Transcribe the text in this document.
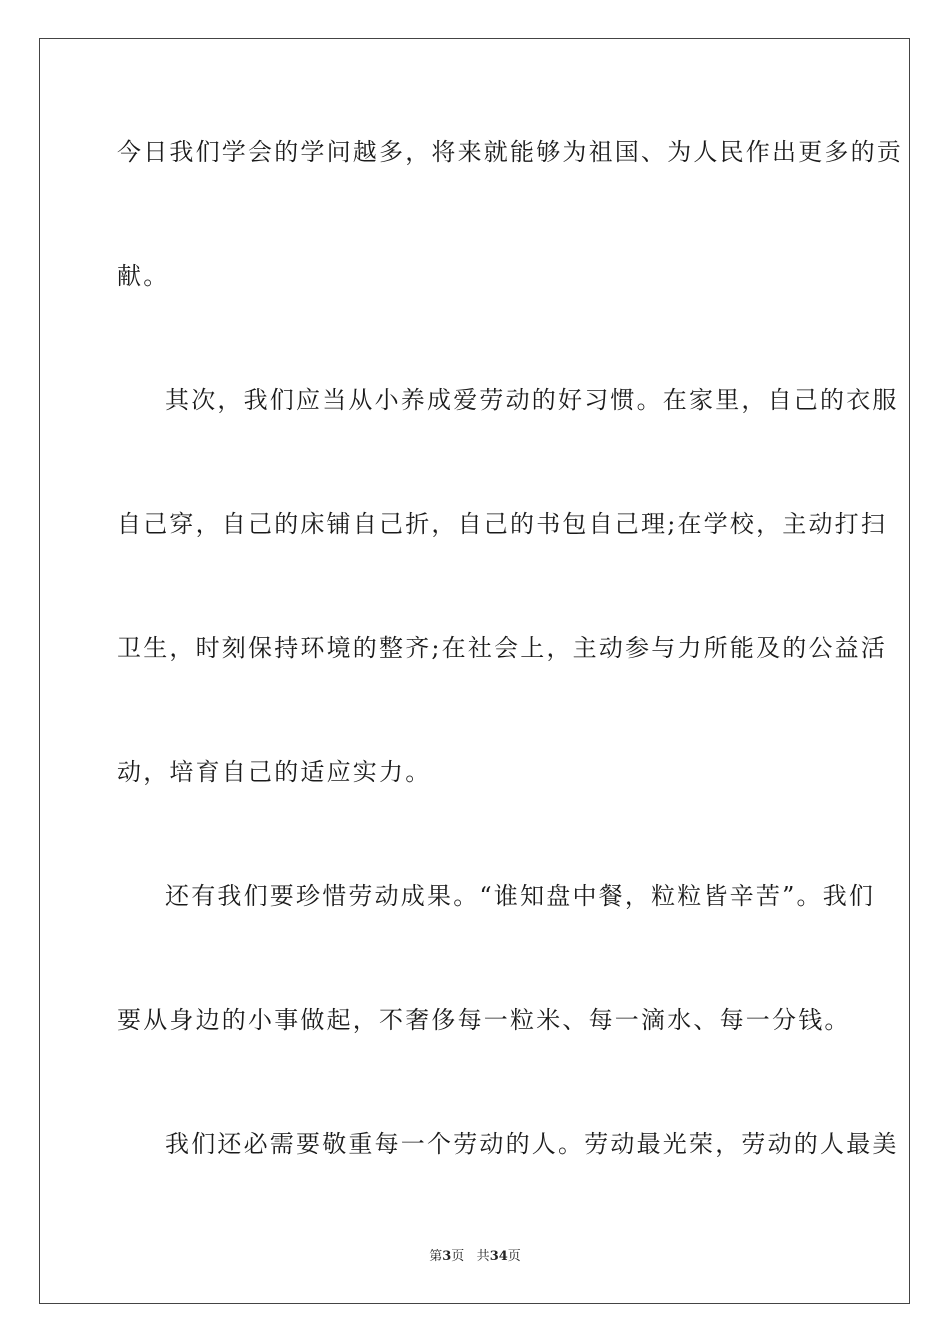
今日我们学会的学问越多，将来就能够为祖国、为人民作出更多的贡
献。
其次，我们应当从小养成爱劳动的好习惯。在家里，自己的衣服
自己穿，自己的床铺自己折，自己的书包自己理;在学校，主动打扫
卫生，时刻保持环境的整齐;在社会上，主动参与力所能及的公益活
动，培育自己的适应实力。
还有我们要珍惜劳动成果。“谁知盘中餐，粒粒皆辛苦”。我们
要从身边的小事做起，不奢侈每一粒米、每一滴水、每一分钱。
我们还必需要敬重每一个劳动的人。劳动最光荣，劳动的人最美
第3页 共34页
